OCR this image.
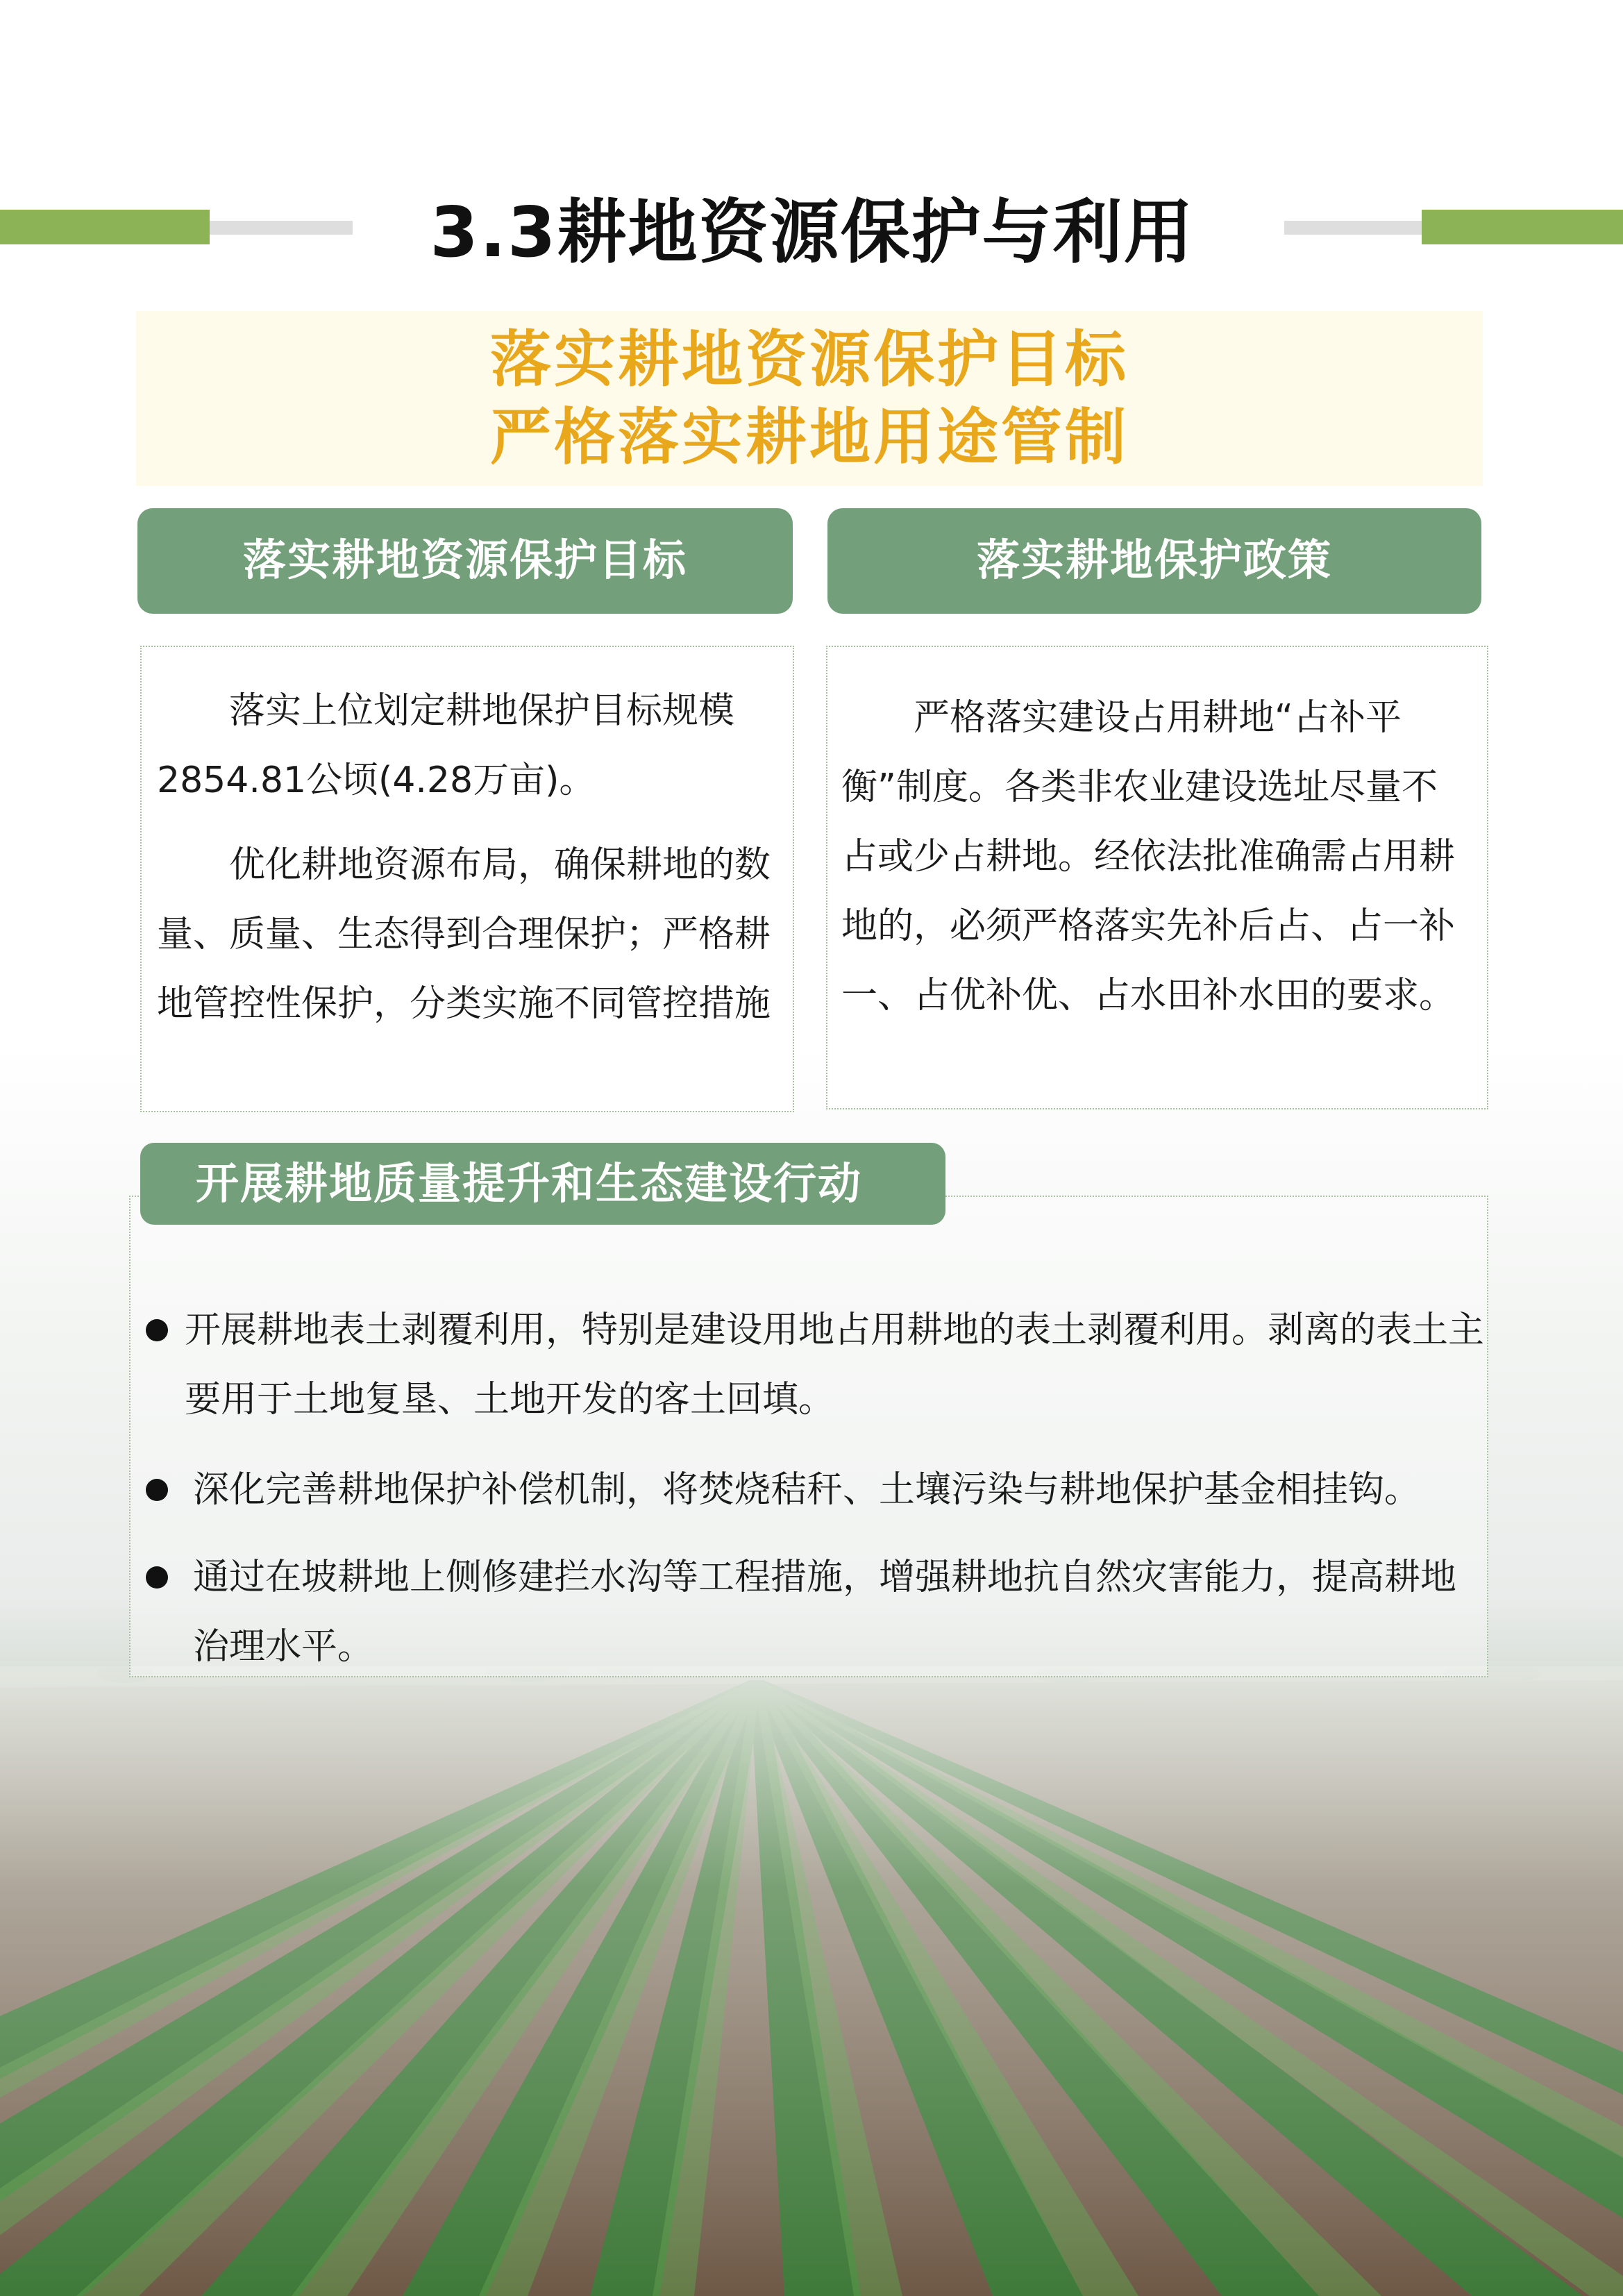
3.3耕地资源保护与利用
落实耕地资源保护目标
严格落实耕地用途管制
落实耕地资源保护目标

落实上位划定耕地保护目标规模2854.81公顷(4.28万亩)。

优化耕地资源布局，确保耕地的数量、质量、生态得到合理保护；严格耕地管控性保护，分类实施不同管控措施

落实耕地保护政策

严格落实建设占用耕地“占补平衡”制度。各类非农业建设选址尽量不占或少占耕地。经依法批准确需占用耕地的，必须严格落实先补后占、占一补一、占优补优、占水田补水田的要求。

开展耕地质量提升和生态建设行动
开展耕地表土剥覆利用，特别是建设用地占用耕地的表土剥覆利用。剥离的表土主要用于土地复垦、土地开发的客土回填。
深化完善耕地保护补偿机制，将焚烧秸秆、土壤污染与耕地保护基金相挂钩。
通过在坡耕地上侧修建拦水沟等工程措施，增强耕地抗自然灾害能力，提高耕地治理水平。
